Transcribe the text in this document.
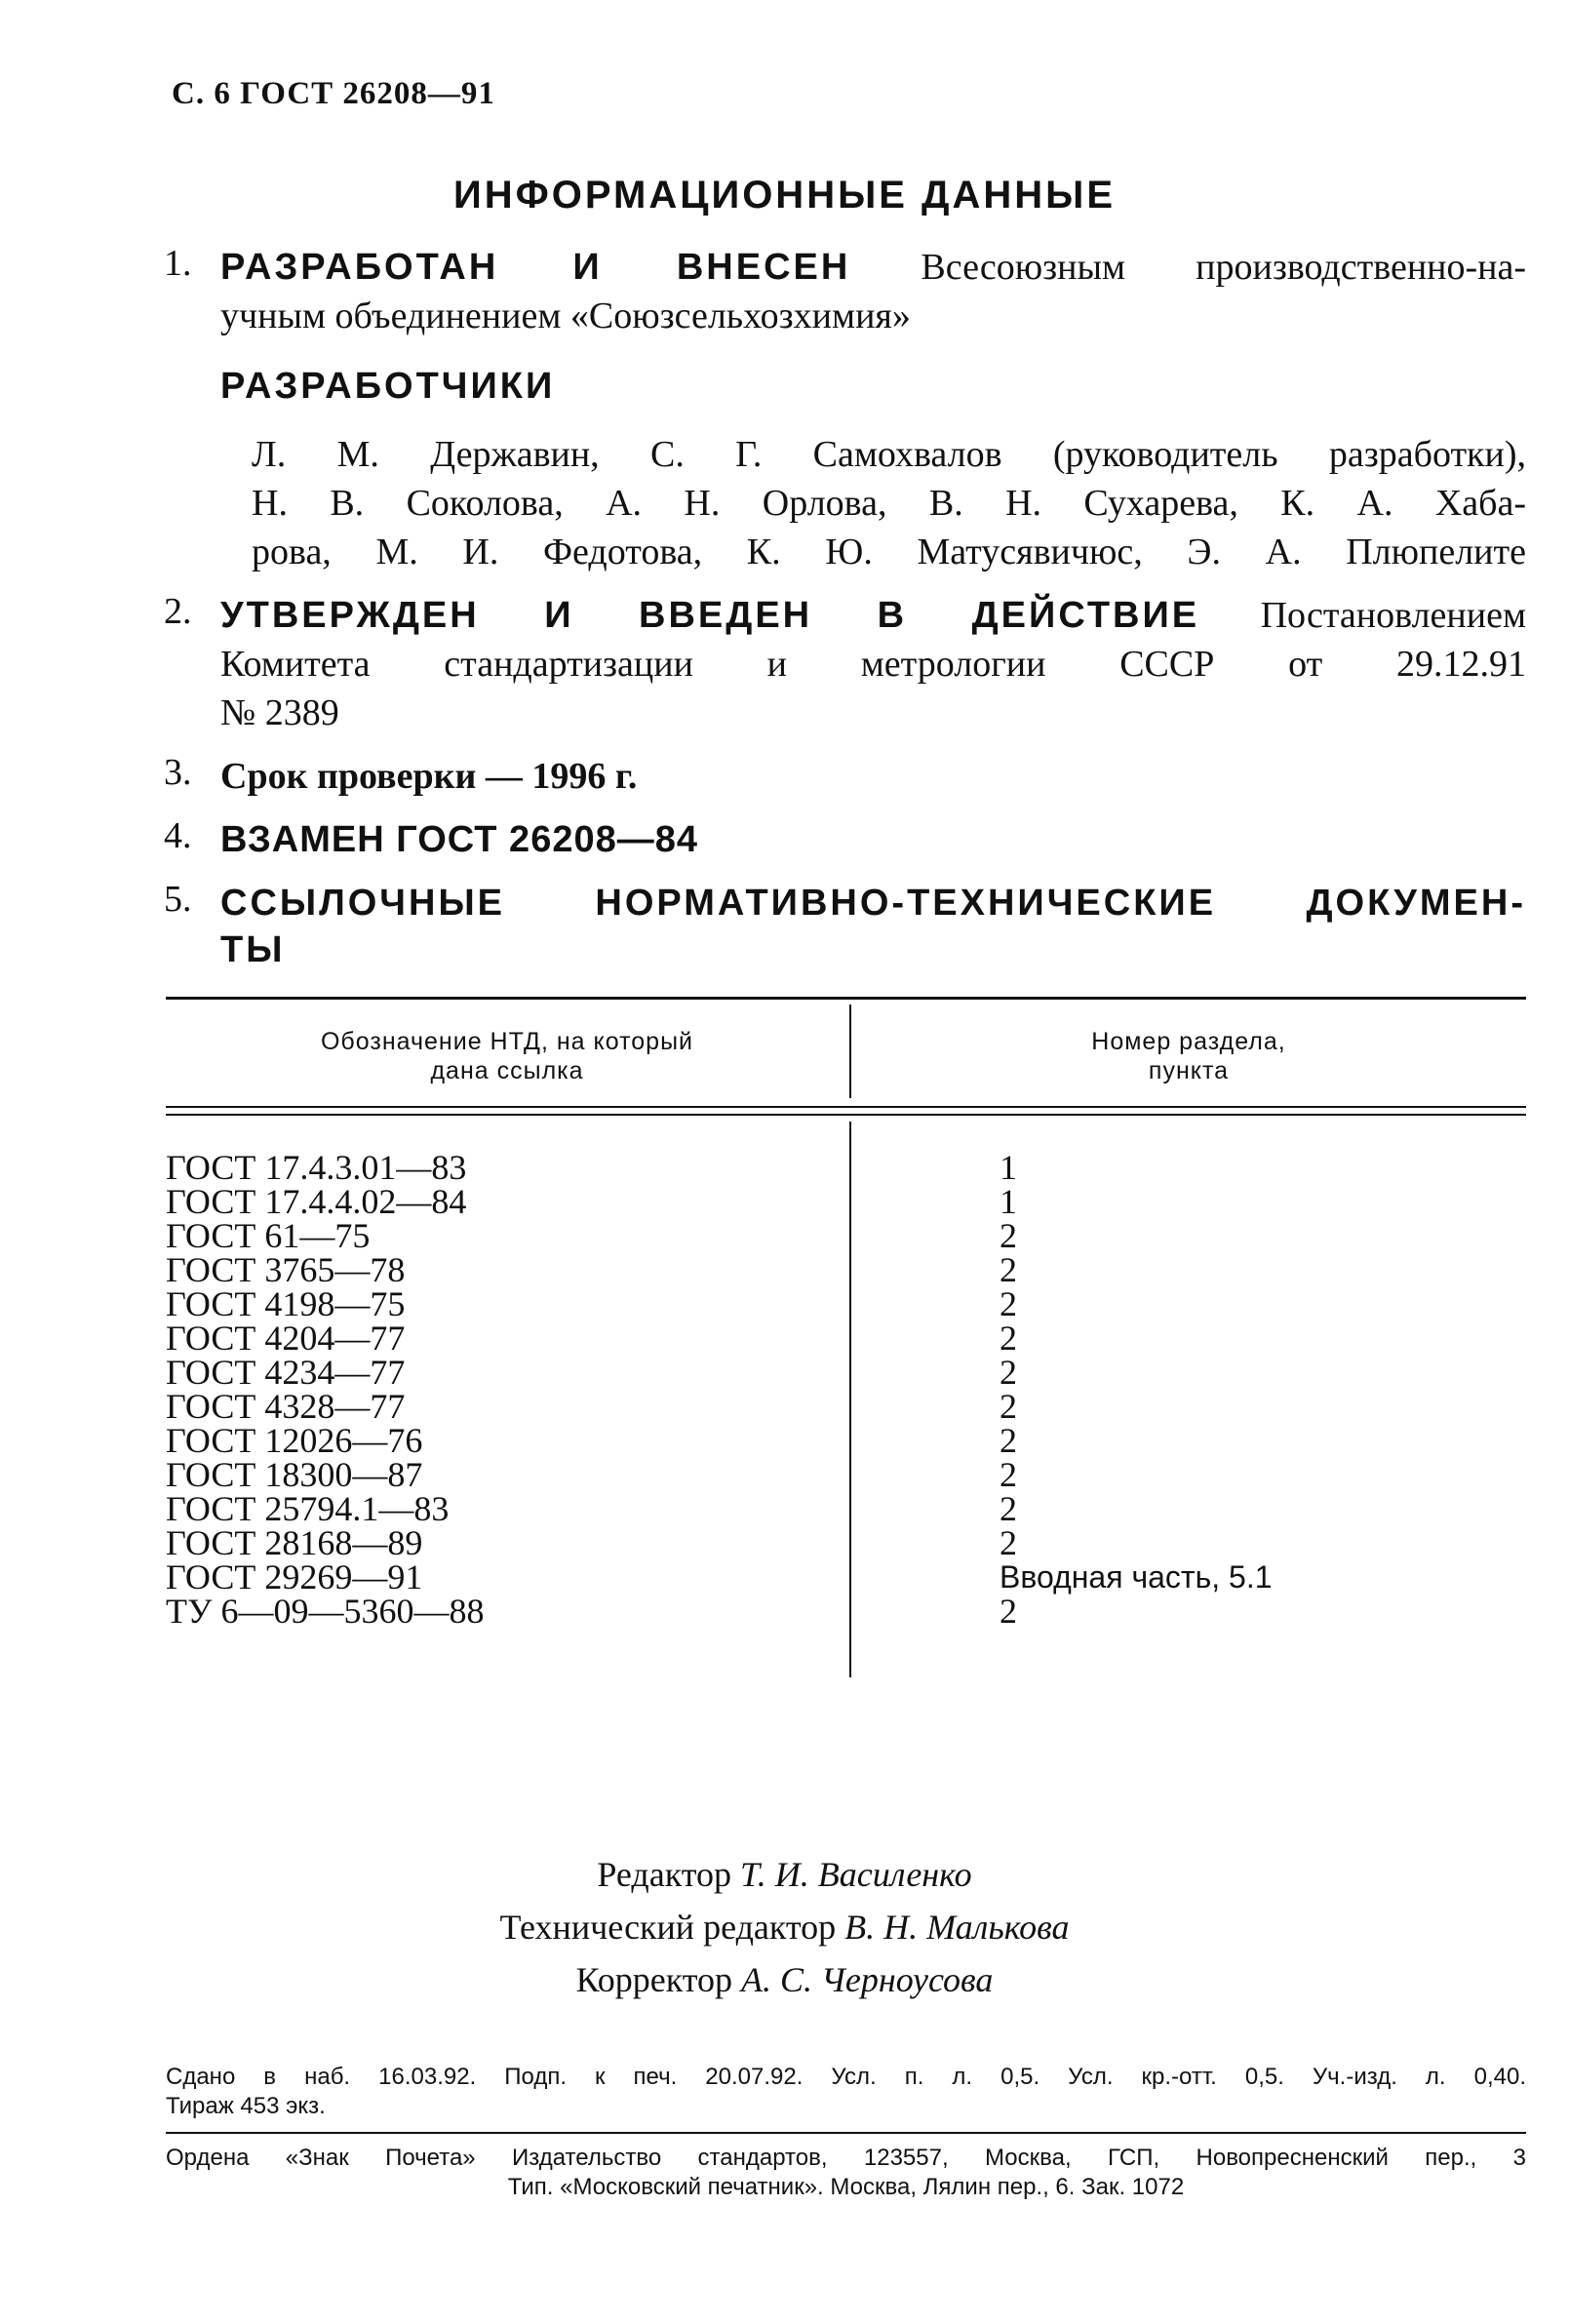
С. 6 ГОСТ 26208—91
ИНФОРМАЦИОННЫЕ ДАННЫЕ
1. РАЗРАБОТАН И ВНЕСЕН Всесоюзным производственно-на-
учным объединением «Союзсельхозхимия»
РАЗРАБОТЧИКИ
Л. М. Державин, С. Г. Самохвалов (руководитель разработки),
Н. В. Соколова, А. Н. Орлова, В. Н. Сухарева, К. А. Хаба-
рова, М. И. Федотова, К. Ю. Матусявичюс, Э. А. Плюпелите
2. УТВЕРЖДЕН И ВВЕДЕН В ДЕЙСТВИЕ Постановлением
Комитета стандартизации и метрологии СССР от 29.12.91
№ 2389
3. Срок проверки — 1996 г.
4. ВЗАМЕН ГОСТ 26208—84
5. ССЫЛОЧНЫЕ НОРМАТИВНО-ТЕХНИЧЕСКИЕ ДОКУМЕН-
ТЫ
Обозначение НТД, на который
дана ссылка
Номер раздела,
пункта
ГОСТ 17.4.3.01—83
ГОСТ 17.4.4.02—84
ГОСТ 61—75
ГОСТ 3765—78
ГОСТ 4198—75
ГОСТ 4204—77
ГОСТ 4234—77
ГОСТ 4328—77
ГОСТ 12026—76
ГОСТ 18300—87
ГОСТ 25794.1—83
ГОСТ 28168—89
ГОСТ 29269—91
ТУ 6—09—5360—88
1
1
2
2
2
2
2
2
2
2
2
2
Вводная часть, 5.1
2
Редактор Т. И. Василенко
Технический редактор В. Н. Малькова
Корректор А. С. Черноусова
Сдано в наб. 16.03.92. Подп. к печ. 20.07.92. Усл. п. л. 0,5. Усл. кр.-отт. 0,5. Уч.-изд. л. 0,40.
Тираж 453 экз.
Ордена «Знак Почета» Издательство стандартов, 123557, Москва, ГСП, Новопресненский пер., 3
Тип. «Московский печатник». Москва, Лялин пер., 6. Зак. 1072
